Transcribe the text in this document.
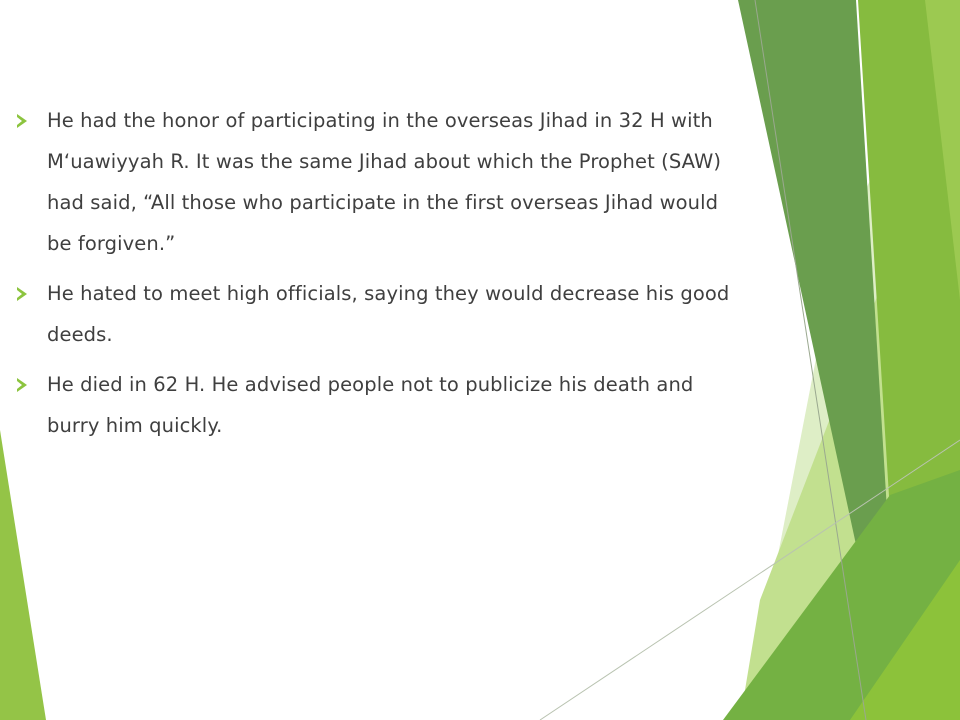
He had the honor of participating in the overseas Jihad in 32 H with M‘uawiyyah R. It was the same Jihad about which the Prophet (SAW) had said, “All those who participate in the first overseas Jihad would be forgiven.”
He hated to meet high officials, saying they would decrease his good deeds.
He died in 62 H. He advised people not to publicize his death and burry him quickly.
